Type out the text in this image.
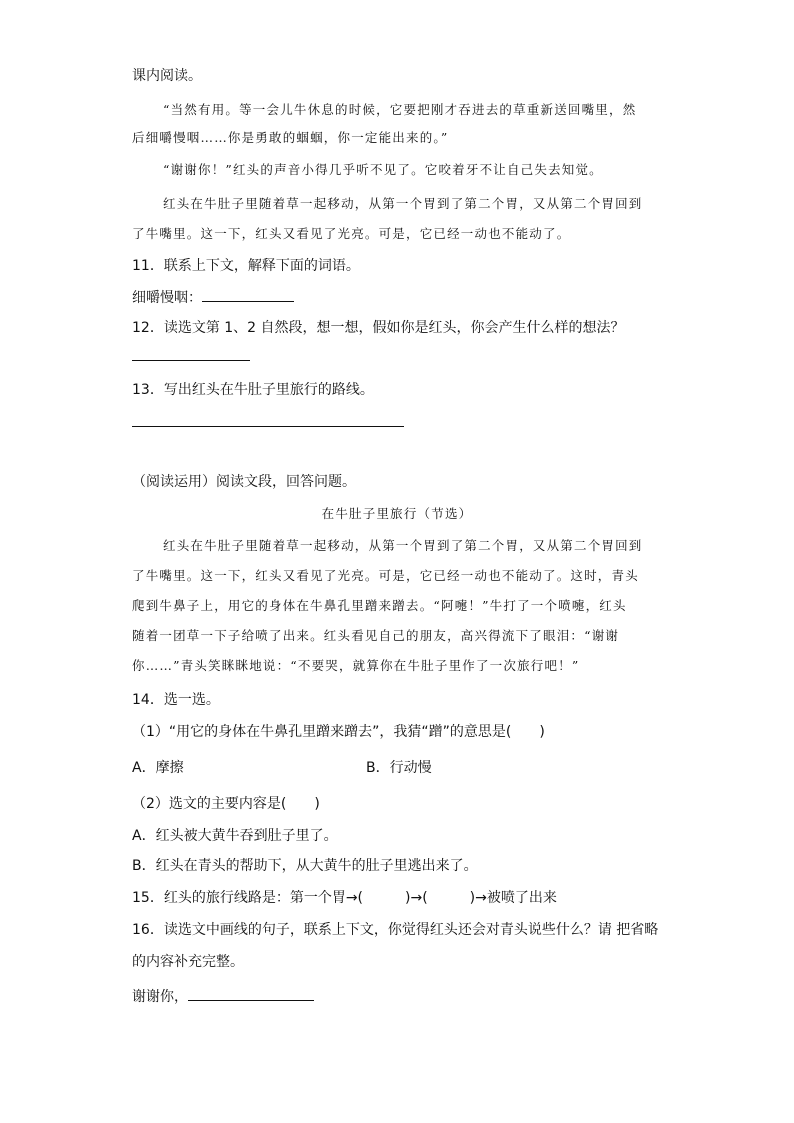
课内阅读。
“当然有用。等一会儿牛休息的时候，它要把刚才吞进去的草重新送回嘴里，然
后细嚼慢咽……你是勇敢的蝈蝈，你一定能出来的。”
“谢谢你！”红头的声音小得几乎听不见了。它咬着牙不让自己失去知觉。
红头在牛肚子里随着草一起移动，从第一个胃到了第二个胃，又从第二个胃回到
了牛嘴里。这一下，红头又看见了光亮。可是，它已经一动也不能动了。
11．联系上下文，解释下面的词语。
细嚼慢咽：
12．读选文第 1、2 自然段，想一想，假如你是红头，你会产生什么样的想法？
13．写出红头在牛肚子里旅行的路线。
（阅读运用）阅读文段，回答问题。
在牛肚子里旅行（节选）
红头在牛肚子里随着草一起移动，从第一个胃到了第二个胃，又从第二个胃回到
了牛嘴里。这一下，红头又看见了光亮。可是，它已经一动也不能动了。这时，青头
爬到牛鼻子上，用它的身体在牛鼻孔里蹭来蹭去。“阿嚏！”牛打了一个喷嚏，红头
随着一团草一下子给喷了出来。红头看见自己的朋友，高兴得流下了眼泪：“谢谢
你……”青头笑眯眯地说：“不要哭，就算你在牛肚子里作了一次旅行吧！”
14．选一选。
（1）“用它的身体在牛鼻孔里蹭来蹭去”，我猜“蹭”的意思是(　　)
A．摩擦	B．行动慢
（2）选文的主要内容是(　　)
A．红头被大黄牛吞到肚子里了。
B．红头在青头的帮助下，从大黄牛的肚子里逃出来了。
15．红头的旅行线路是：第一个胃→(　　　)→(　　　)→被喷了出来
16．读选文中画线的句子，联系上下文，你觉得红头还会对青头说些什么？请 把省略
的内容补充完整。
谢谢你，
